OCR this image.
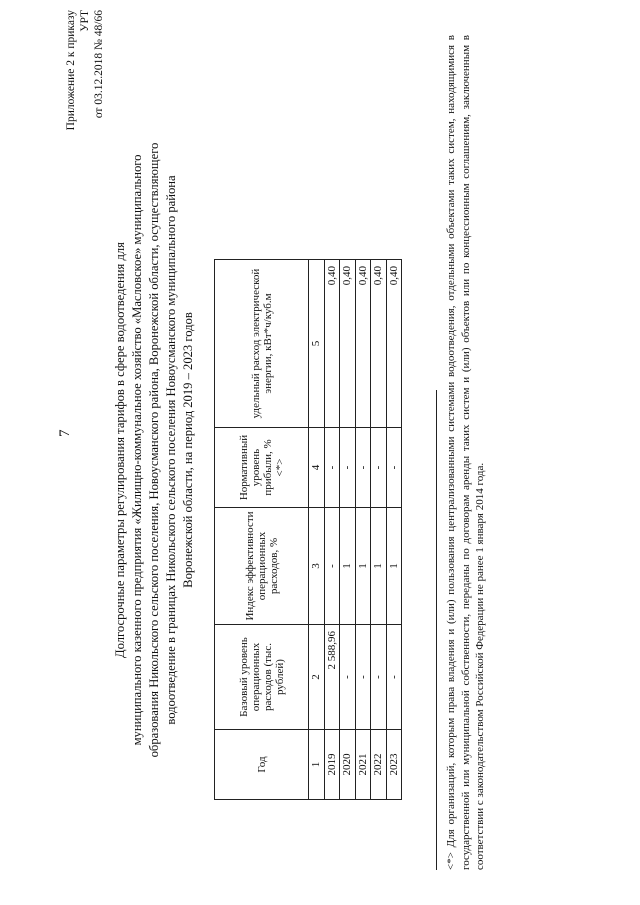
7
Приложение 2 к приказу УРТ от 03.12.2018 № 48/66
Долгосрочные параметры регулирования тарифов в сфере водоотведения для муниципального казенного предприятия «Жилищно-коммунальное хозяйство «Масловское» муниципального образования Никольского сельского поселения, Новоусманского района, Воронежской области, осуществляющего водоотведение в границах Никольского сельского поселения Новоусманского муниципального района Воронежской области, на период 2019 – 2023 годов
Год	Базовый уровень операционных расходов (тыс. рублей)	Индекс эффективности операционных расходов, %	Нормативный уровень прибыли, % <*>	удельный расход электрической энергии, кВт*ч/куб.м
1	2	3	4	5
2019	2 588,96	-	-	0,40
2020	-	1	-	0,40
2021	-	1	-	0,40
2022	-	1	-	0,40
2023	-	1	-	0,40	<*> Для организаций, которым права владения и (или) пользования централизованными системами водоотведения, отдельными объектами таких систем, находящимися в государственной или муниципальной собственности, переданы по договорам аренды таких систем и (или) объектов или по концессионным соглашениям, заключенным в соответствии с законодательством Российской Федерации не ранее 1 января 2014 года.
